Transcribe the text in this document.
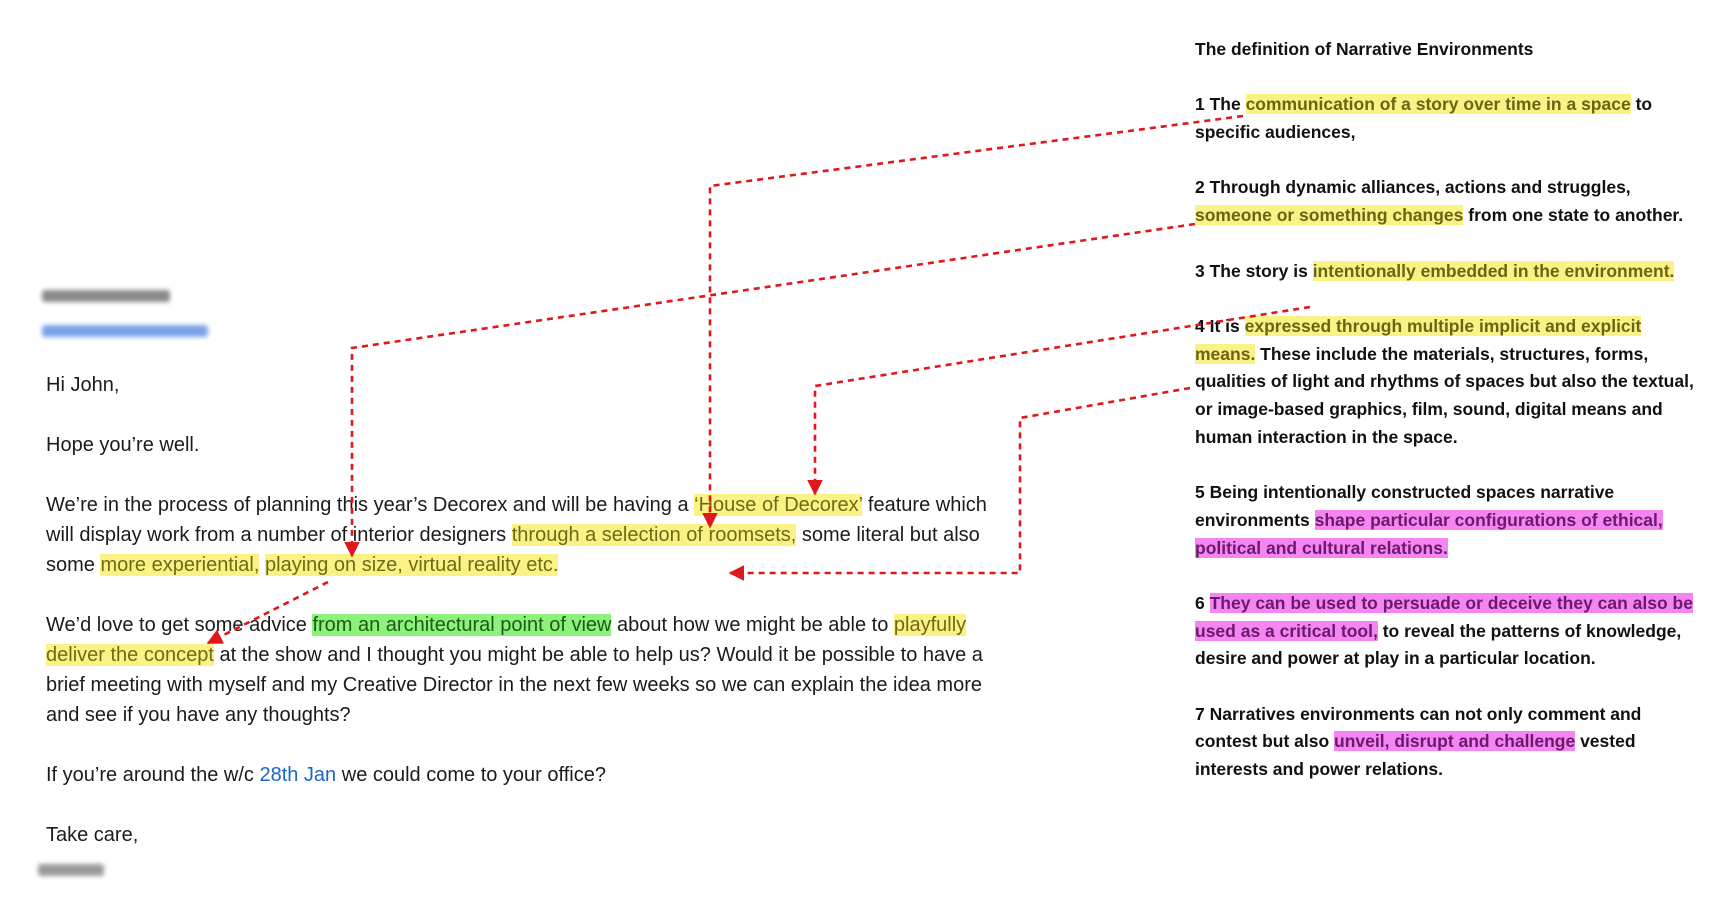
Hi John,

Hope you’re well.

We’re in the process of planning this year’s Decorex and will be having a ‘House of Decorex’ feature which will display work from a number of interior designers through a selection of roomsets, some literal but also some more experiential, playing on size, virtual reality etc.

We’d love to get some advice from an architectural point of view about how we might be able to playfully deliver the concept at the show and I thought you might be able to help us? Would it be possible to have a brief meeting with myself and my Creative Director in the next few weeks so we can explain the idea more and see if you have any thoughts?

If you’re around the w/c 28th Jan we could come to your office?

Take care,

The definition of Narrative Environments
1 The communication of a story over time in a space to specific audiences,
2 Through dynamic alliances, actions and struggles, someone or something changes from one state to another.
3 The story is intentionally embedded in the environment.
4 It is expressed through multiple implicit and explicit means. These include the materials, structures, forms, qualities of light and rhythms of spaces but also the textual, or image-based graphics, film, sound, digital means and human interaction in the space.
5 Being intentionally constructed spaces narrative environments shape particular configurations of ethical, political and cultural relations.
6 They can be used to persuade or deceive they can also be used as a critical tool, to reveal the patterns of knowledge, desire and power at play in a particular location.
7 Narratives environments can not only comment and contest but also unveil, disrupt and challenge vested interests and power relations.
